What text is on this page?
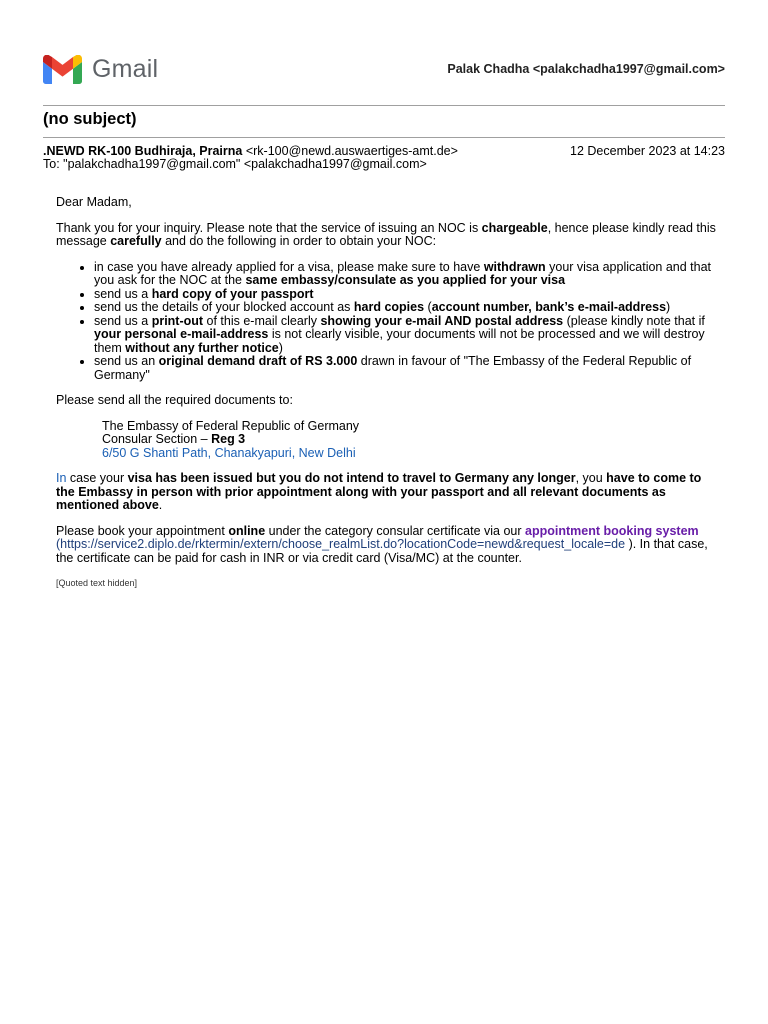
Gmail	Palak Chadha <palakchadha1997@gmail.com>
(no subject)
.NEWD RK-100 Budhiraja, Prairna <rk-100@newd.auswaertiges-amt.de>	12 December 2023 at 14:23
To: "palakchadha1997@gmail.com" <palakchadha1997@gmail.com>

Dear Madam,

Thank you for your inquiry. Please note that the service of issuing an NOC is chargeable, hence please kindly read this message carefully and do the following in order to obtain your NOC:

• in case you have already applied for a visa, please make sure to have withdrawn your visa application and that you ask for the NOC at the same embassy/consulate as you applied for your visa
• send us a hard copy of your passport
• send us the details of your blocked account as hard copies (account number, bank’s e-mail-address)
• send us a print-out of this e-mail clearly showing your e-mail AND postal address (please kindly note that if your personal e-mail-address is not clearly visible, your documents will not be processed and we will destroy them without any further notice)
• send us an original demand draft of RS 3.000 drawn in favour of "The Embassy of the Federal Republic of Germany"

Please send all the required documents to:

The Embassy of Federal Republic of Germany
Consular Section – Reg 3
6/50 G Shanti Path, Chanakyapuri, New Delhi

In case your visa has been issued but you do not intend to travel to Germany any longer, you have to come to the Embassy in person with prior appointment along with your passport and all relevant documents as mentioned above.

Please book your appointment online under the category consular certificate via our appointment booking system
(https://service2.diplo.de/rktermin/extern/choose_realmList.do?locationCode=newd&request_locale=de ). In that case, the certificate can be paid for cash in INR or via credit card (Visa/MC) at the counter.

[Quoted text hidden]
